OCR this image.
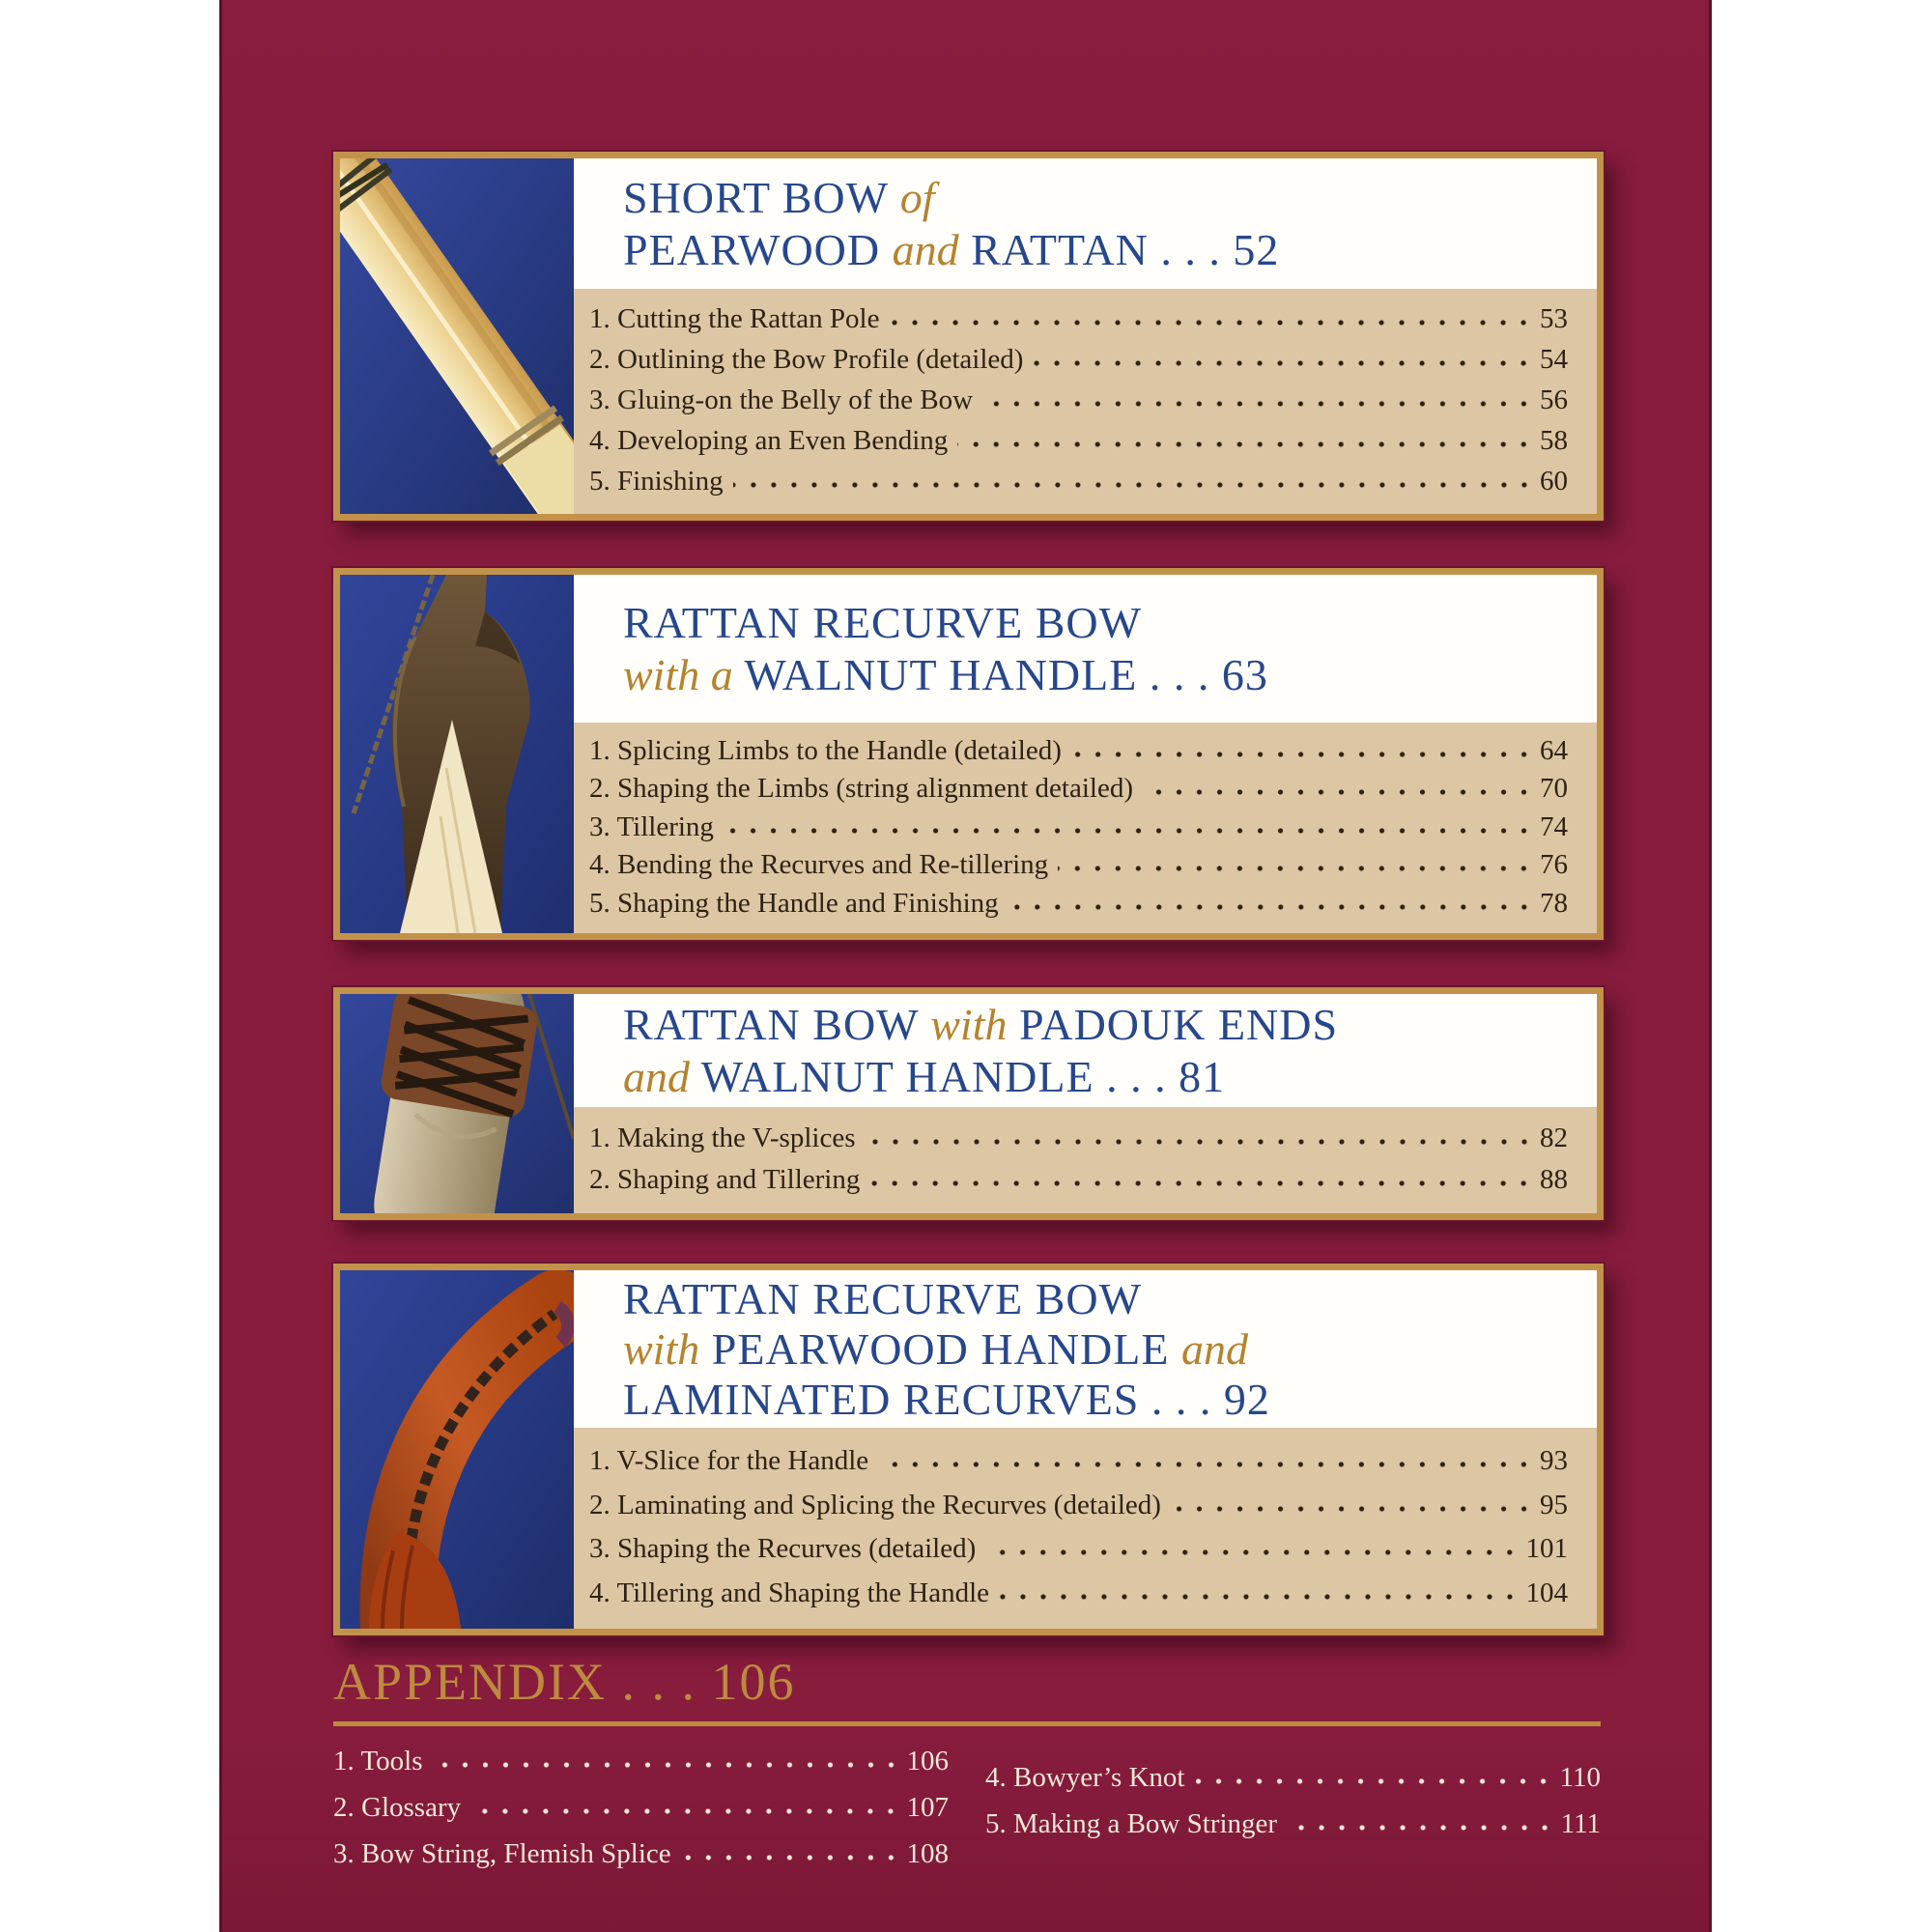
SHORT BOW of
PEARWOOD and RATTAN . . . 52
1. Cutting the Rattan Pole	53
2. Outlining the Bow Profile (detailed)	54
3. Gluing-on the Belly of the Bow	56
4. Developing an Even Bending	58
5. Finishing	60
RATTAN RECURVE BOW
with a WALNUT HANDLE . . . 63
1. Splicing Limbs to the Handle (detailed)	64
2. Shaping the Limbs (string alignment detailed)	70
3. Tillering	74
4. Bending the Recurves and Re-tillering	76
5. Shaping the Handle and Finishing	78
RATTAN BOW with PADOUK ENDS
and WALNUT HANDLE . . . 81
1. Making the V-splices	82
2. Shaping and Tillering	88
RATTAN RECURVE BOW
with PEARWOOD HANDLE and
LAMINATED RECURVES . . . 92
1. V-Slice for the Handle	93
2. Laminating and Splicing the Recurves (detailed)	95
3. Shaping the Recurves (detailed)	101
4. Tillering and Shaping the Handle	104
APPENDIX . . . 106
1. Tools	106
2. Glossary	107
3. Bow String, Flemish Splice	108
4. Bowyer’s Knot	110
5. Making a Bow Stringer	111
